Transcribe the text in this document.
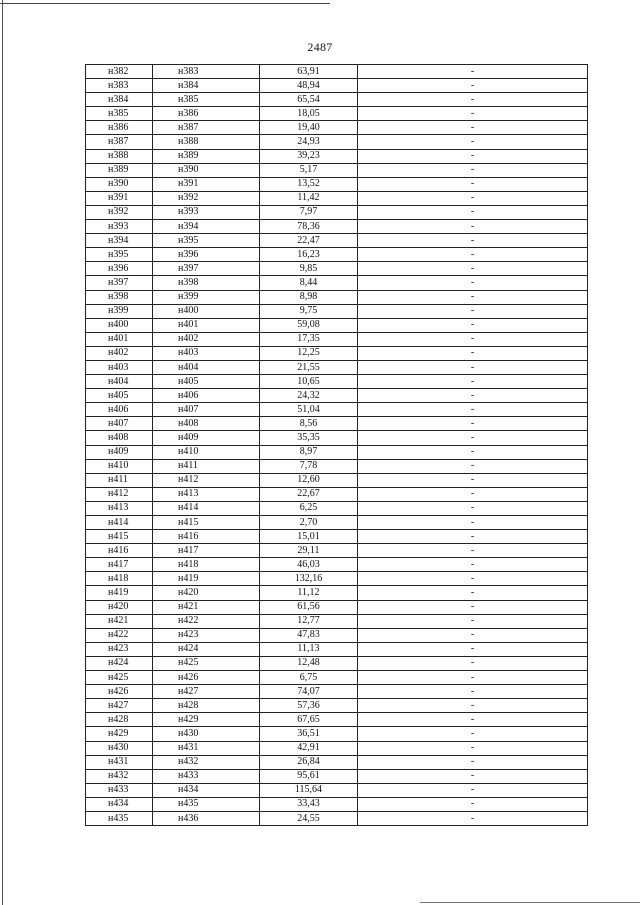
2487
н382	н383	63,91	-
н383	н384	48,94	-
н384	н385	65,54	-
н385	н386	18,05	-
н386	н387	19,40	-
н387	н388	24,93	-
н388	н389	39,23	-
н389	н390	5,17	-
н390	н391	13,52	-
н391	н392	11,42	-
н392	н393	7,97	-
н393	н394	78,36	-
н394	н395	22,47	-
н395	н396	16,23	-
н396	н397	9,85	-
н397	н398	8,44	-
н398	н399	8,98	-
н399	н400	9,75	-
н400	н401	59,08	-
н401	н402	17,35	-
н402	н403	12,25	-
н403	н404	21,55	-
н404	н405	10,65	-
н405	н406	24,32	-
н406	н407	51,04	-
н407	н408	8,56	-
н408	н409	35,35	-
н409	н410	8,97	-
н410	н411	7,78	-
н411	н412	12,60	-
н412	н413	22,67	-
н413	н414	6,25	-
н414	н415	2,70	-
н415	н416	15,01	-
н416	н417	29,11	-
н417	н418	46,03	-
н418	н419	132,16	-
н419	н420	11,12	-
н420	н421	61,56	-
н421	н422	12,77	-
н422	н423	47,83	-
н423	н424	11,13	-
н424	н425	12,48	-
н425	н426	6,75	-
н426	н427	74,07	-
н427	н428	57,36	-
н428	н429	67,65	-
н429	н430	36,51	-
н430	н431	42,91	-
н431	н432	26,84	-
н432	н433	95,61	-
н433	н434	115,64	-
н434	н435	33,43	-
н435	н436	24,55	-
